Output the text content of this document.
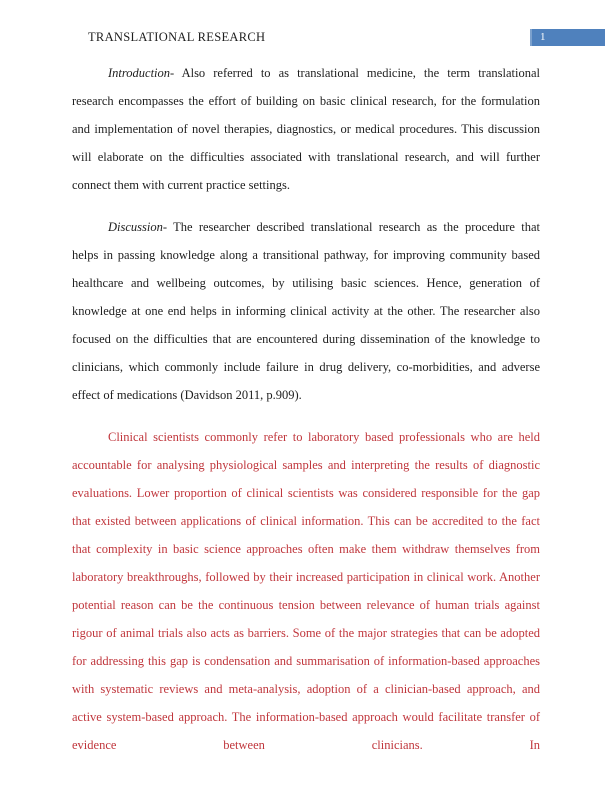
TRANSLATIONAL RESEARCH	1

Introduction- Also referred to as translational medicine, the term translational research encompasses the effort of building on basic clinical research, for the formulation and implementation of novel therapies, diagnostics, or medical procedures. This discussion will elaborate on the difficulties associated with translational research, and will further connect them with current practice settings.

Discussion- The researcher described translational research as the procedure that helps in passing knowledge along a transitional pathway, for improving community based healthcare and wellbeing outcomes, by utilising basic sciences. Hence, generation of knowledge at one end helps in informing clinical activity at the other. The researcher also focused on the difficulties that are encountered during dissemination of the knowledge to clinicians, which commonly include failure in drug delivery, co-morbidities, and adverse effect of medications (Davidson 2011, p.909).

Clinical scientists commonly refer to laboratory based professionals who are held accountable for analysing physiological samples and interpreting the results of diagnostic evaluations. Lower proportion of clinical scientists was considered responsible for the gap that existed between applications of clinical information. This can be accredited to the fact that complexity in basic science approaches often make them withdraw themselves from laboratory breakthroughs, followed by their increased participation in clinical work. Another potential reason can be the continuous tension between relevance of human trials against rigour of animal trials also acts as barriers. Some of the major strategies that can be adopted for addressing this gap is condensation and summarisation of information-based approaches with systematic reviews and meta-analysis, adoption of a clinician-based approach, and active system-based approach. The information-based approach would facilitate transfer of evidence between clinicians. In
